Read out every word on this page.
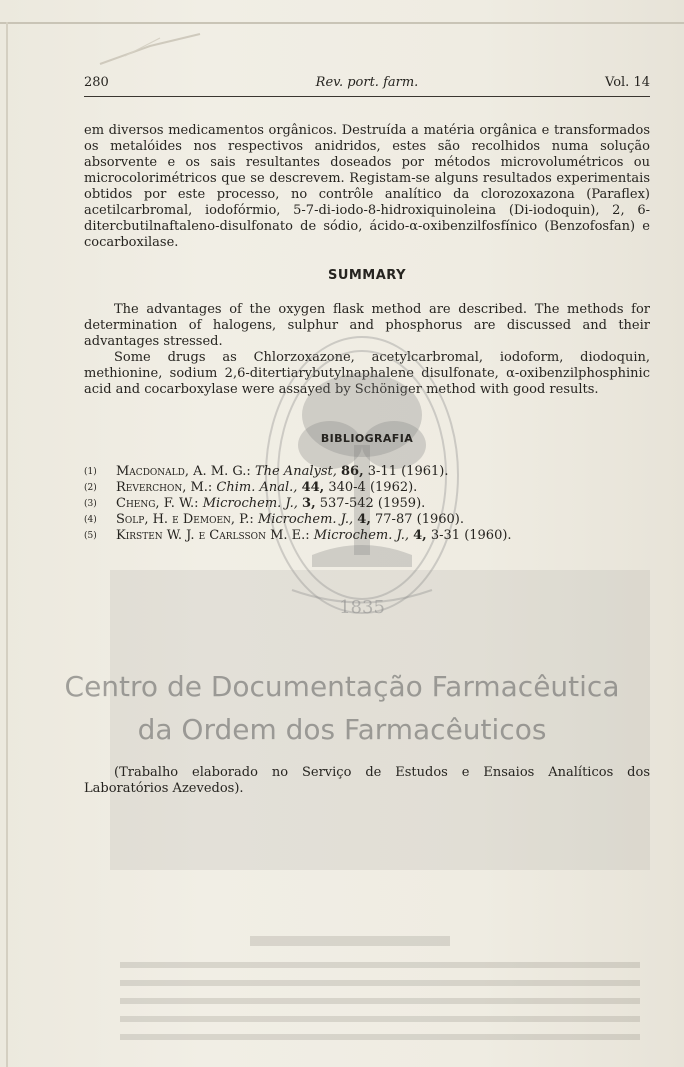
280	Rev. port. farm.	Vol. 14
em diversos medicamentos orgânicos. Destruída a matéria orgânica e transformados os metalóides nos respectivos anidridos, estes são recolhidos numa solução absorvente e os sais resultantes doseados por métodos microvolumétricos ou microcolorimétricos que se descrevem. Registam-se alguns resultados experimentais obtidos por este processo, no contrôle analítico da clorozoxazona (Paraflex) acetilcarbromal, iodofórmio, 5-7-di-iodo-8-hidroxiquinoleina (Di-iodoquin), 2, 6-ditercbutilnaftaleno-disulfonato de sódio, ácido-α-oxibenzilfosfínico (Benzofosfan) e cocarboxilase.
SUMMARY
The advantages of the oxygen flask method are described. The methods for determination of halogens, sulphur and phosphorus are discussed and their advantages stressed.
Some drugs as Chlorzoxazone, acetylcarbromal, iodoform, diodoquin, methionine, sodium 2,6-ditertiarybutylnaphalene disulfonate, α-oxibenzilphosphinic acid and cocarboxylase were assayed by Schöniger method with good results.
1835
BIBLIOGRAFIA
( 1 ) Macdonald, A. M. G.: The Analyst, 86, 3-11 (1961).
( 2 ) Reverchon, M.: Chim. Anal., 44, 340-4 (1962).
( 3 ) Cheng, F. W.: Microchem. J., 3, 537-542 (1959).
( 4 ) Solp, H. e Demoen, P.: Microchem. J., 4, 77-87 (1960).
( 5 ) Kirsten W. J. e Carlsson M. E.: Microchem. J., 4, 3-31 (1960).
Centro de Documentação Farmacêutica
da Ordem dos Farmacêuticos
(Trabalho elaborado no Serviço de Estudos e Ensaios Analíticos dos Laboratórios Azevedos).
